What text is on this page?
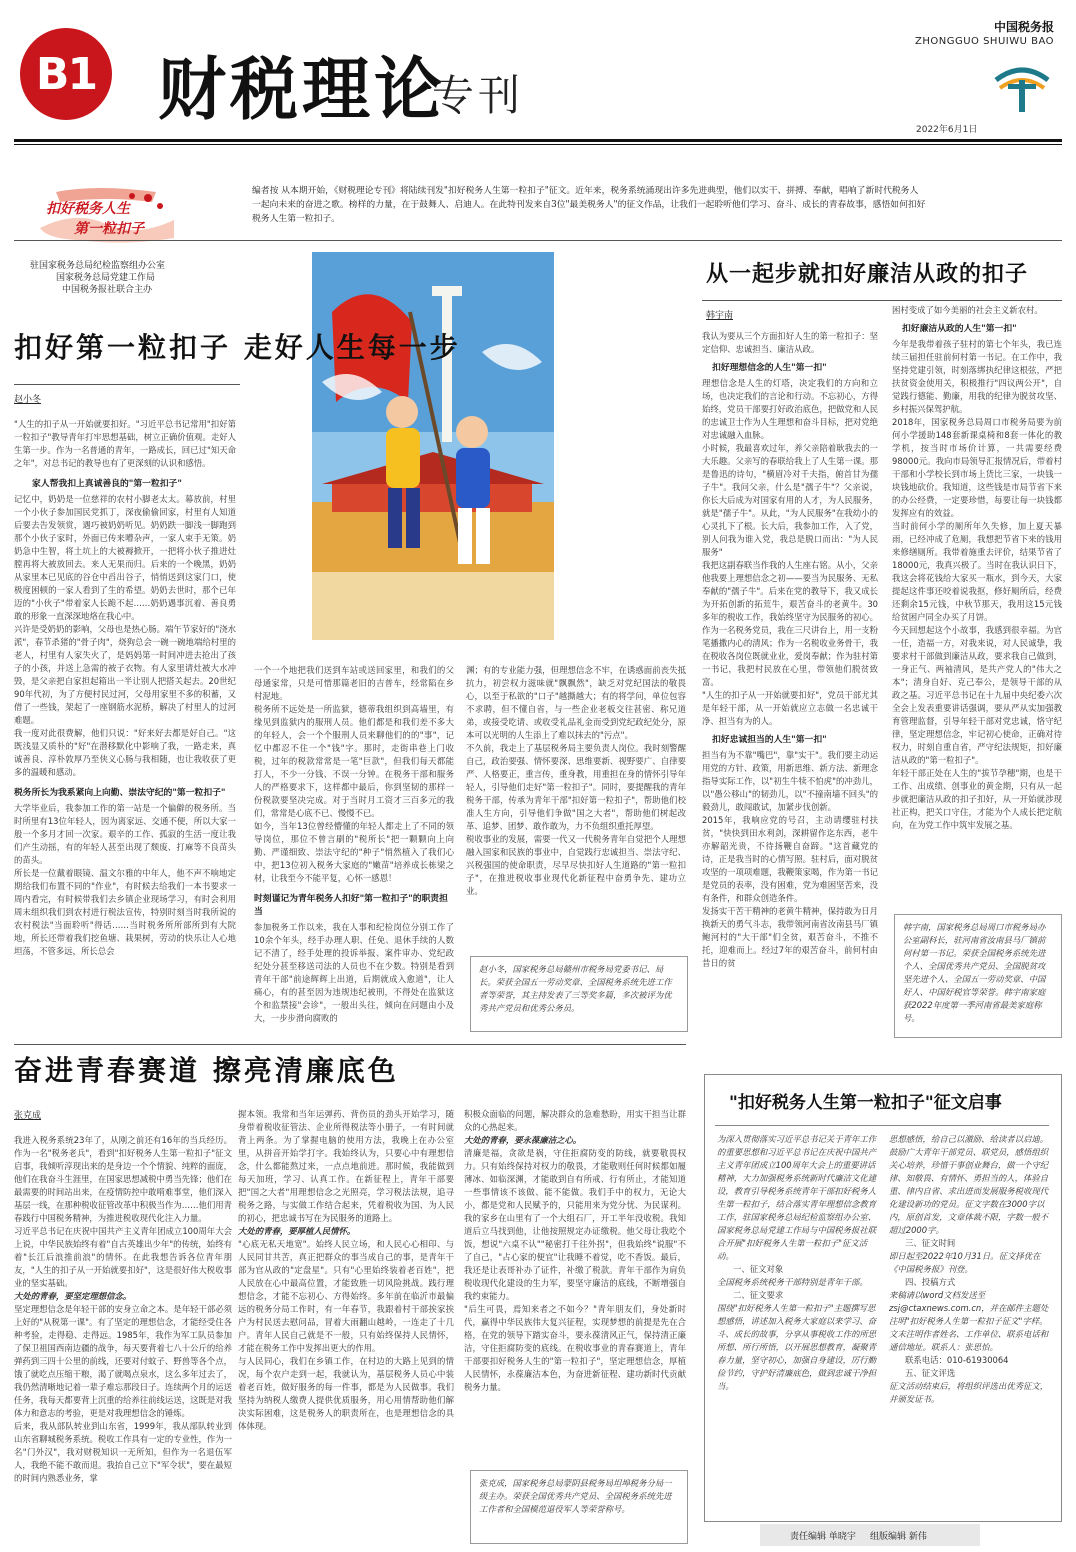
B1 财税理论
专刊
中国税务报
ZHONGGUO SHUIWU BAO
2022年6月1日
扣好税务人生
第一粒扣子
驻国家税务总局纪检监察组办公室
国家税务总局党建工作局
中国税务报社联合主办
编者按 从本期开始，《财税理论专刊》将陆续刊发"扣好税务人生第一粒扣子"征文。近年来，税务系统涌现出许多先进典型，他们以实干、拼搏、奉献，唱响了新时代税务人一起向未来的奋进之歌。榜样的力量，在于鼓舞人、启迪人。在此特刊发来自3位"最美税务人"的征文作品，让我们一起聆听他们学习、奋斗、成长的青春故事，感悟如何扣好税务人生第一粒扣子。
扣好第一粒扣子 走好人生每一步
赵小冬
"人生的扣子从一开始就要扣好。"习近平总书记常用"扣好第一粒扣子"教导青年打牢思想基础，树立正确价值观。走好人生第一步。作为一名普通的青年，一路成长，回已过"知天命之年"，对总书记的教导也有了更深刻的认识和感悟。
家人帮我扣上真诚善良的"第一粒扣子"
记忆中，奶奶是一位慈祥的农村小脚老太太。幕放前，村里一个小伙子参加国民党抓丁，深夜偷偷回家，村里有人知道后要去告发领赏，遇巧被奶奶听见。奶奶跌一脚浅一脚跑到那个小伙子家时，外面已传来嘈杂声，一家人束手无策。奶奶急中生智，将土坑上的大被褥掀开，一把将小伙子推进灶膛再将大被放回去。来人无果而归。后来的一个晚黑，奶奶从家里本已见底的谷仓中舀出谷子，悄悄送到这家门口，使极度困顿的一家人看到了生的希望。奶奶去世时，那个已年迈的"小伙子"带着家人长跪不起……奶奶遇事沉着、善良勇敢的形象一直深深地烙在我心中。
兴许是受奶奶的影响，父母也是热心肠。端午节家好的"浇水派"，春节杀猪的"骨子肉"，烧狗总会一碗一碗地端给村里的老人，村里有人家失火了，是妈妈第一时间冲进去抢出了孩子的小孩，并送上急需的被子衣物。有人家里请灶被大水冲毁，是父亲把自家担起箱出一半让别人把搭关起去。20世纪90年代初，为了方便村民过河，父母用家里不多的积蓄，又借了一些钱，架起了一座钢筋水泥桥，解决了村里人的过河难题。
我一度对此很费解，他们只说："好来好去都是好自己。"这既浅显又质朴的"好"在潜移默化中影响了我，一路走来，真诚善良、淳朴敦厚乃至侠义心肠与我相随，也让我收获了更多的温暖和感动。
税务所长为我系紧向上向勤、崇法守纪的"第一粒扣子"
大学毕业后，我参加工作的第一站是一个偏僻的税务所。当时所里有13位年轻人，因为离家远、交通不便，所以大家一般一个多月才回一次家。艰辛的工作、孤寂的生活一度让我们产生动摇，有的年轻人甚至出现了颓废、打麻等不良苗头的苗头。
所长是一位戴着眼镜、温文尔雅的中年人，他不声不响地定期给我们布置不同的"作业"，有时候去给我们一本书要求一周内看完，有时候带我们去乡镇企业现场学习，有时会利用周末组织我们到农村进行税法宣传，特别时刻当时我所说的农村税法"当面聆听"得话……当时税务所所部所到有大院地，所长还带着我们挖鱼塘、栽果树，劳动的快乐让人心地坦荡，不管多远，所长总会
一个一个地把我们送到车站或送回家里，和我们的父母通家常，只是可惜那篇老旧的吉普车，经常陷在乡村泥地。
税务所不远处是一所监狱，德蒂我组织到高墙里，有缘见到监狱内的服刑人员。他们都是和我们差不多大的年轻人，会一个个服刑人员来聊他们的的"事"，记忆中都忍不住一个"钱"字。那时，走街串巷上门收税，过年的税款常常是一笔"巨款"，但我们每天都能打人，不少一分钱、不误一分钟。在税务干部和服务人的严格要求下，这样都中最后，你到坚韧的那样一份税款要坚决完成。对于当时月工资才三百多元的我们，常常是心底不已、慢慢不已。
如今，当年13位曾经懵懂的年轻人都走上了不同的领导岗位，那位不曾言刷的"税所长"把一颗颗向上向勤、严谨细致、崇法守纪的"种子"悄然植入了我们心中，把13位初入税务大家庭的"嫩苗"培养成长栋梁之材，让我至今不能平复，心怀一感恩！
时刻谨记为青年税务人扣好"第一粒扣子"的职责担当
参加税务工作以来，我在人事和纪检岗位分别工作了10余个年头，经手办理人职、任免、退休手续的人数记不清了，经手处理的投诉举报、案件审办、党纪政纪处分甚至移送司法的人员也不在少数。特别是看到青年干部"前途辉辉上出道，后期就成入愈道"，让人痛心，有的甚至因为违规违纪被刑，不得处在监狱这个和监禁接"会诊"，一般出头往，倾向在问题由小及大，一步步滑向腐败的
渊；有的专业能力强，但理想信念不牢，在诱惑面前丧失抵抗力，初尝权力滋味就"飘飘然"，缺乏对党纪国法的敬畏心，以至于私欲的"口子"越撕越大；有的将学问，单位包容不求聘，但不懂自省，与一些企业老板交往甚密、称兄道弟，或接受吃请、或收受礼品礼金而受到党纪政纪处分，原本可以光明的人生添上了难以抹去的"污点"。
不久前，我走上了基层税务局主要负责人岗位。我时刻警醒自己，政治要强、情怀要深、思维要新、视野要广、自律要严、人格要正，重言传，重身教，用重担在身的情怀引导年轻人，引导他们走好"第一粒扣子"。同时，要提醒我的青年税务干部，传承为青年干部"扣好第一粒扣子"，帮助他们校准人生方向，引导他们争做"国之大者"，帮助他们树起改革、追梦、团梦、敢作敢为，力不负组织重托厚望。
税收事业的发展，需要一代又一代税务青年自觉把个人理想融入国家和民族的事业中，自觉践行忠诚担当、崇法守纪、兴税强国的使命职责，尽早尽快扣好人生道路的"第一粒扣子"，在推进税收事业现代化新征程中奋勇争先、建功立业。
赵小冬，国家税务总局赣州市税务局党委书记、局长。荣获全国五一劳动奖章、全国税务系统先进工作者等荣誉，其主持发表了三等奖多篇，多次被评为优秀共产党员和优秀公务员。
从一起步就扣好廉洁从政的扣子
韩宇南
我认为要从三个方面扣好人生的第一粒扣子：坚定信仰、忠诚担当、廉洁从政。
扣好理想信念的人生"第一扣"
理想信念是人生的灯塔，决定我们的方向和立场，也决定我们的言论和行动。不忘初心，方得始终，党员干部要打好政治底色，把做党和人民的忠诚卫士作为人生理想和奋斗目标，把对党绝对忠诚融入血脉。
小时候，我最喜欢过年，养父亲陪着耿我去的一大乐趣。父亲写的春联给我上了人生第一课。那是鲁迅的诗句，"横眉冷对千夫指，俯首甘为孺子牛"。我问父亲，什么是"孺子牛"？父亲说，你长大后成为对国家有用的人才，为人民服务，就是"孺子牛"。从此，"为人民服务"在我幼小的心灵扎下了根。长大后，我参加工作，入了党，别人问我为谁入党，我总是脱口而出："为人民服务"
我把这副春联当作我的人生座右铭。从小，父亲他我要上理想信念之初——要当为民服务、无私奉献的"孺子牛"。后来在党的教导下，我又成长为开拓创新的拓荒牛，艰苦奋斗的老黄牛。30多年的税收工作，我始终坚守为民服务的初心。作为一名税务党员，我在三尺讲台上，用一支粉笔播撒内心的清风；作为一名税收业务骨干，我在税收各岗位既就业业，爱岗奉献；作为驻村第一书记，我把村民放在心里，带领他们脱贫致富。
"人生的扣子从一开始就要扣好"，党员干部尤其是年轻干部，从一开始就应立志做一名忠诚干净、担当有为的人。
扣好忠诚担当的人生"第一扣"
担当有为不靠"嘴巴"，靠"实干"。我们要主动运用党的方针、政策，用新思维、新方法、新理念指导实际工作，以"初生牛犊不怕虎"的冲劲儿，以"愚公移山"的韧劲儿，以"不撞南墙不回头"的毅劲儿，敢闯敢试，加紧步伐创新。
2015年，我响应党的号召，主动请缨驻村扶贫，"快快到田水利剑，深耕留作迄东西，老牛亦解韶光贵，不待扬鞭自奋蹄。"这首藏党的诗，正是我当时的心情写照。驻村后，面对脱贫攻坚的一项项难题，我鞭策家喝，作为第一书记是党员的表率，没有困难，党为难困坚苦来，没有条件，和群众创造条件。
发扬实干苦干精神的老黄牛精神，保持敢为日月换新天的勇气斗志，我带领河南省汝南县马厂镇鲍河村的"大干部"们全贫，艰苦奋斗，不推不托，迎难而上。经过7年的艰苦奋斗，前何村由昔日的贫
困村变成了如今美丽的社会主义新农村。
扣好廉洁从政的人生"第一扣"
今年是我带着孩子驻村的第七个年头，我已连续三届担任驻前何村第一书记。在工作中，我坚持党建引领，时刻落绑执纪律这根弦，严把扶贫资金使用关，积极推行"四议两公开"，自觉践行德能、勤廉，用我的纪律为脱贫攻坚、乡村振兴保驾护航。
2018年，国家税务总局周口市税务局要为前何小学援助148套新课桌椅和8套一体化的教学机，按当时市场价计算，一共需要经费98000元。我向市局领导汇报情况后，带着村干部和小学校长到市场上货比三家，一块钱一块钱地砍价。我知道，这些钱是市局节省下来的办公经费，一定要珍惜，每要让每一块钱都发挥应有的效益。
当时前何小学的厕所年久失修，加上夏天暴雨，已经冲成了危厕，我想把节省下来的钱用来修缮厕所。我带着施重去评价，结果节省了18000元，我真兴极了。当时在我认识日下，我这会将花钱给大家买一瓶水，到今天，大家提起这件事还咬着说我抠，修好厕所后，经费还剩余15元钱，中秋节那天，我用这15元钱给贫困户同全办买了月饼。
今天回想起这个小故事，我感到很幸福。为官一任，造福一方，对我来说，对人民诚挚，我要求村干部做到廉洁从政，要求我自己做到，一身正气、两袖清风，是共产党人的"伟大之本"；清身自好、克己奉公，是领导干部的从政之基。习近平总书记在十九届中央纪委六次全会上发表重要讲话强调，要从严从实加强教育管理监督，引导年轻干部对党忠诚，恪守纪律，坚定理想信念，牢记初心使命，正确对待权力，时刻自重自省，严守纪法规矩，扣好廉洁从政的"第一粒扣子"。
年轻干部正处在人生的"拔节孕穗"期，也是干工作、出成绩、创事业的黄金期，只有从一起步就把廉洁从政的扣子扣好，从一开始就涉现社正构，把关口守住，才能为个人成长把定航向，在为党工作中筑牢发展之基。
韩宇南，国家税务总局周口市税务局办公室副科长，驻河南省汝南县马厂镇前何村第一书记。荣获全国税务系统先进个人、全国优秀共产党员、全国脱贫攻坚先进个人、全国五一劳动奖章、中国好人、中国好税官等荣誉。韩宇南家庭获2022年度第一季河南省最美家庭称号。
奋进青春赛道 擦亮清廉底色
张克成
我进入税务系统23年了，从刚之前还有16年的当兵经历。作为一名"税务老兵"，看到"扣好税务人生第一粒扣子"征文启事，我倾听淳现出来的是身边一个个情貌、纯粹的面庞，他们在我奋斗生涯里，在国家思想减税中勇当先锋；他们在最需要的时间站出来，在疫情防控中敢啃难事堂，他们深入基层一线，在那种税收征管改革中积极当作为……他们用青春践行中国税务精神，为推进税收现代化注入力量。
习近平总书记在庆祝中国共产主义青年团成立100周年大会上说，中华民族始终有着"自古英雄出少年"的传统，始终有着"长江后浪推前浪"的情怀。在此我想告诉各位青年朋友，"人生的扣子从一开始就要扣好"，这是很好伟大税收事业的坚实基础。
大处的青春，要坚定理想信念。
坚定理想信念是年轻干部的安身立命之本。是年轻干部必须上好的"从税第一课"。有了坚定的理想信念，才能经受住各种考验，走得稳、走得远。1985年，我作为军工队员参加了保卫祖国西南边疆的战争，每天要背着七八十公斤的给养弹药到三四十公里的前线，还要对付蚊子、野兽等各个点，饿了就吃点压缩干粮，渴了就喝点泉水，这么多年过去了，我仍然清晰地记着一辈子难忘那段日子。连续两个月的运送任务，我每天都要背上沉重的给养往前线运送，这既是对我体力和意志的考验，更是对我理想信念的锤炼。
后来，我从部队转业到山东省，1999年，我从部队转业到山东省聊城税务系统。税收工作具有一定的专业性，作为一名"门外汉"，我对财税知识一无所知，但作为一名退伍军人，我绝不能不敢而退。我抬自己立下"军令状"，要在最短的时间内熟悉业务，掌
握本领。我常和当年运弹药、背伤员的劲头开始学习，随身带着税收征管法、企业所得税法等小册子，一有时间就背上两条。为了掌握电脑的使用方法，我晚上在办公室里，从拼音开始学打字。我始终认为，只要心中有理想信念，什么都能熬过来，一点点地前进。那时候，我能做到每天加班，学习、认真工作。在新征程上，青年干部要把"国之大者"用理想信念之光照亮，学习税法法规，追寻税务之路，与实做工作结合起来，凭着税收为国、为人民的初心，把忠诚书写在为民服务的道路上。
大处的青春，要厚植人民情怀。
"心底无私天地宽"。始终人民立场，和人民心心相印、与人民同甘共苦，真正把群众的事当成自己的事，是青年干部为官从政的"定盘星"。只有"心里始终装着老百姓"，把人民放在心中最高位置，才能致胜一切风险挑战。践行理想信念，才能不忘初心、方得始终。多年前在临沂市最偏远的税务分局工作时，有一年春节，我跟着村干部挨家挨户为村民送去慰问品，冒着大雨翻山越岭，一连走了十几户。青年人民自己就是不一般，只有始终保持人民情怀，才能在税务工作中发挥出更大的作用。
与人民同心，我们在乡镇工作，在村边的大路上见到的情况，每个农户走到一起，我就认为，基层税务人员心中装着老百姓，做好服务的每一件事，都是为人民做事。我们坚持为纳税人缴费人提供优质服务，用心用情帮助他们解决实际困难，这是税务人的职责所在，也是理想信念的具体体现。
积极众面临的问题，解决群众的急难愁盼，用实干担当让群众的心热起来。
大处的青春，要永葆廉洁之心。
清廉是福，贪欲是祸，守住拒腐防变的防线，就要敬畏权力。只有始终保持对权力的敬畏，才能敬则任何时候都如履薄冰、如临深渊，才能敢到自有所戒、行有所止，才能知道一些事情该不该做、能不能做。我们手中的权力，无论大小，都是党和人民赋予的，只能用来为党分忧、为民谋利。我的家乡在山里有了一个大组石厂，开工半年没收税。我知道后立马找到他，让他按照规定办证缴税。他父母让我吃个饭，想说"六桌不认""秘密打千往外拐"，但我始终"说服"不了自己，"占心家的便宜"让我睡不着觉，吃不香饭。最后，我还是让表哥补办了证件，补缴了税款。青年干部作为肩负税收现代化建设的生力军，要坚守廉洁的底线，不断增强自我约束能力。
"后生可畏，焉知来者之不如今？"青年朋友们，身处新时代，赢得中华民族伟大复兴征程，实现梦想的前提是先在合格，在党的领导下踏实奋斗，要永葆清风正气，保持清正廉洁，守住拒腐防变的底线。在税收事业的青春赛道上，青年干部要扣好税务人生的"第一粒扣子"，坚定理想信念，厚植人民情怀，永葆廉洁本色，为奋进新征程、建功新时代贡献税务力量。
张克成，国家税务总局蒙阴县税务局坦埠税务分局一级主办。荣获全国优秀共产党员、全国税务系统先进工作者和全国模范退役军人等荣誉称号。
"扣好税务人生第一粒扣子"征文启事
为深入贯彻落实习近平总书记关于青年工作的重要思想和习近平总书记在庆祝中国共产主义青年团成立100周年大会上的重要讲话精神，大力加强税务系统新时代廉洁文化建设，教育引导税务系统青年干部扣好税务人生第一粒扣子，结合落实青年理想信念教育工作，驻国家税务总局纪检监察组办公室、国家税务总局党建工作局与中国税务报社联合开展"扣好税务人生第一粒扣子"征文活动。
一、征文对象
全国税务系统税务干部特别是青年干部。
二、征文要求
围绕"扣好税务人生第一粒扣子"主题撰写思想感悟，讲述加入税务大家庭以来学习、奋斗、成长的故事，分享从事税收工作的所思所想、所行所悟，以开展思想教育，凝聚青春力量，坚守初心，加强自身建设，厉行勤俭节约，守护好清廉底色，做到忠诚干净担当。
思想感悟，给自己以激励、给读者以启迪。鼓励广大青年干部党员、联党员，感悟组织关心培养，珍惜干事创业舞台，做一个守纪律、知敬畏、有情怀、勇担当的人，体验自重、律内自省、求出进而发展服务税收现代化建设新功的党员。征文字数在3000字以内，原创首发，文章体裁不限，字数一般不超过2000字。
三、征文时间
即日起至2022年10月31日。征文择优在《中国税务报》刊登。
四、投稿方式
来稿请以word文档发送至zsj@ctaxnews.com.cn，并在邮件主题处注明"扣好税务人生第一粒扣子征文"字样。文末注明作者姓名、工作单位、联系电话和通信地址。联系人：张思怡。
联系电话：010-61930064
五、征文评选
征文活动结束后，将组织评选出优秀征文，并颁发证书。
责任编辑 单晓宇 组版编辑 新伟
